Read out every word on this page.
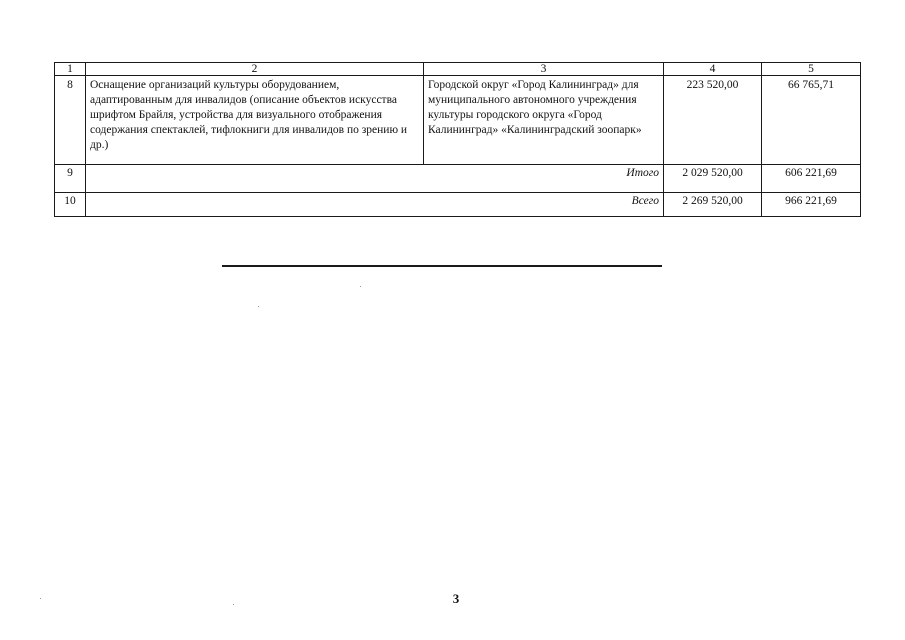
1	2	3	4	5
8	Оснащение организаций культуры оборудованием, адаптированным для инвалидов (описание объектов искусства шрифтом Брайля, устройства для визуального отображения содержания спектаклей, тифлокниги для инвалидов по зрению и др.)	Городской округ «Город Калининград» для муниципального автономного учреждения культуры городского округа «Город Калининград» «Калининградский зоопарк»	223 520,00	66 765,71
9	Итого		2 029 520,00	606 221,69
10	Всего		2 269 520,00	966 221,69
3
